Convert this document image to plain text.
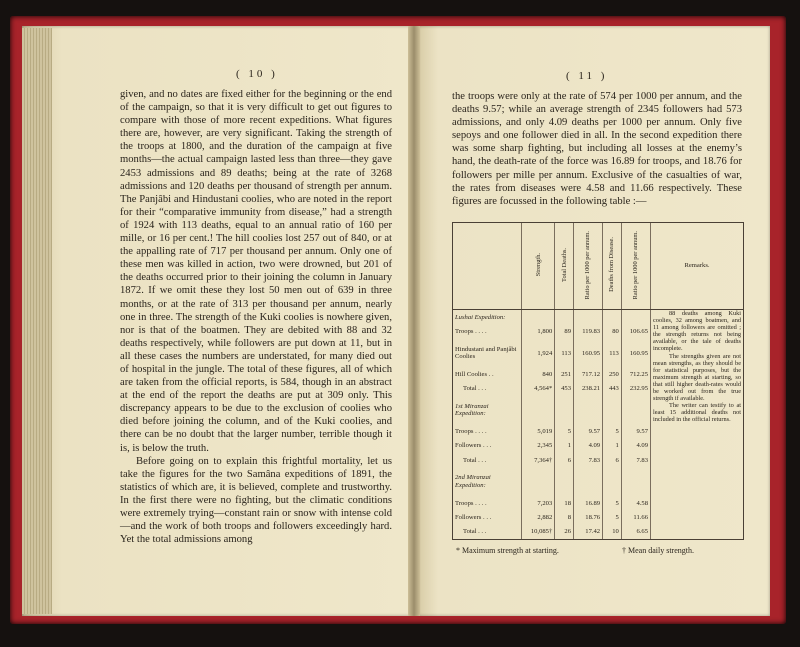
( 10 )

given, and no dates are fixed either for the beginning or the end of the campaign, so that it is very difficult to get out figures to compare with those of more recent expeditions. What figures there are, however, are very significant. Taking the strength of the troops at 1800, and the duration of the campaign at five months—the actual campaign lasted less than three—they gave 2453 admissions and 89 deaths; being at the rate of 3268 admissions and 120 deaths per thousand of strength per annum. The Panjâbi and Hindustani coolies, who are noted in the report for their “comparative immunity from disease,” had a strength of 1924 with 113 deaths, equal to an annual ratio of 160 per mille, or 16 per cent.! The hill coolies lost 257 out of 840, or at the appalling rate of 717 per thousand per annum. Only one of these men was killed in action, two were drowned, but 201 of the deaths occurred prior to their joining the column in January 1872. If we omit these they lost 50 men out of 639 in three months, or at the rate of 313 per thousand per annum, nearly one in three. The strength of the Kuki coolies is nowhere given, nor is that of the boatmen. They are debited with 88 and 32 deaths respectively, while followers are put down at 11, but in all these cases the numbers are understated, for many died out of hospital in the jungle. The total of these figures, all of which are taken from the official reports, is 584, though in an abstract at the end of the report the deaths are put at 309 only. This discrepancy appears to be due to the exclusion of coolies who died before joining the column, and of the Kuki coolies, and there can be no doubt that the larger number, terrible though it is, is below the truth.

Before going on to explain this frightful mortality, let us take the figures for the two Samâna expeditions of 1891, the statistics of which are, it is believed, complete and trustworthy. In the first there were no fighting, but the climatic conditions were extremely trying—constant rain or snow with intense cold—and the work of both troops and followers exceedingly hard. Yet the total admissions among

( 11 )

the troops were only at the rate of 574 per 1000 per annum, and the deaths 9.57; while an average strength of 2345 followers had 573 admissions, and only 4.09 deaths per 1000 per annum. Only five sepoys and one follower died in all. In the second expedition there was some sharp fighting, but including all losses at the enemy’s hand, the death-rate of the force was 16.89 for troops, and 18.76 for followers per mille per annum. Exclusive of the casualties of war, the rates from diseases were 4.58 and 11.66 respectively. These figures are focussed in the following table :—

	Strength.	Total Deaths.	Ratio per 1000 per annum.	Deaths from Disease.	Ratio per 1000 per annum.	Remarks.
Lushai Expedition:						88 deaths among Kuki coolies, 32 among boatmen, and 11 among followers are omitted ; the strength returns not being available, or the tale of deaths incomplete.
The strengths given are not mean strengths, as they should be for statistical purposes, but the maximum strength at starting, so that still higher death-rates would be worked out from the true strength if available.
The writer can testify to at least 15 additional deaths not included in the official returns.

Troops . . . .	1,800	89	119.83	80	106.65	
Hindustani and Panjâbi Coolies	1,924	113	160.95	113	160.95	
Hill Coolies . .	840	251	717.12	250	712.25	
Total . . .	4,564*	453	238.21	443	232.95	
1st Miranzai Expedition:						
Troops . . . .	5,019	5	9.57	5	9.57	
Followers . . .	2,345	1	4.09	1	4.09	
Total . . .	7,364†	6	7.83	6	7.83	
2nd Miranzai Expedition:						
Troops . . . .	7,203	18	16.89	5	4.58	
Followers . . .	2,882	8	18.76	5	11.66	
Total . . .	10,085†	26	17.42	10	6.65	
* Maximum strength at starting.	† Mean daily strength.
